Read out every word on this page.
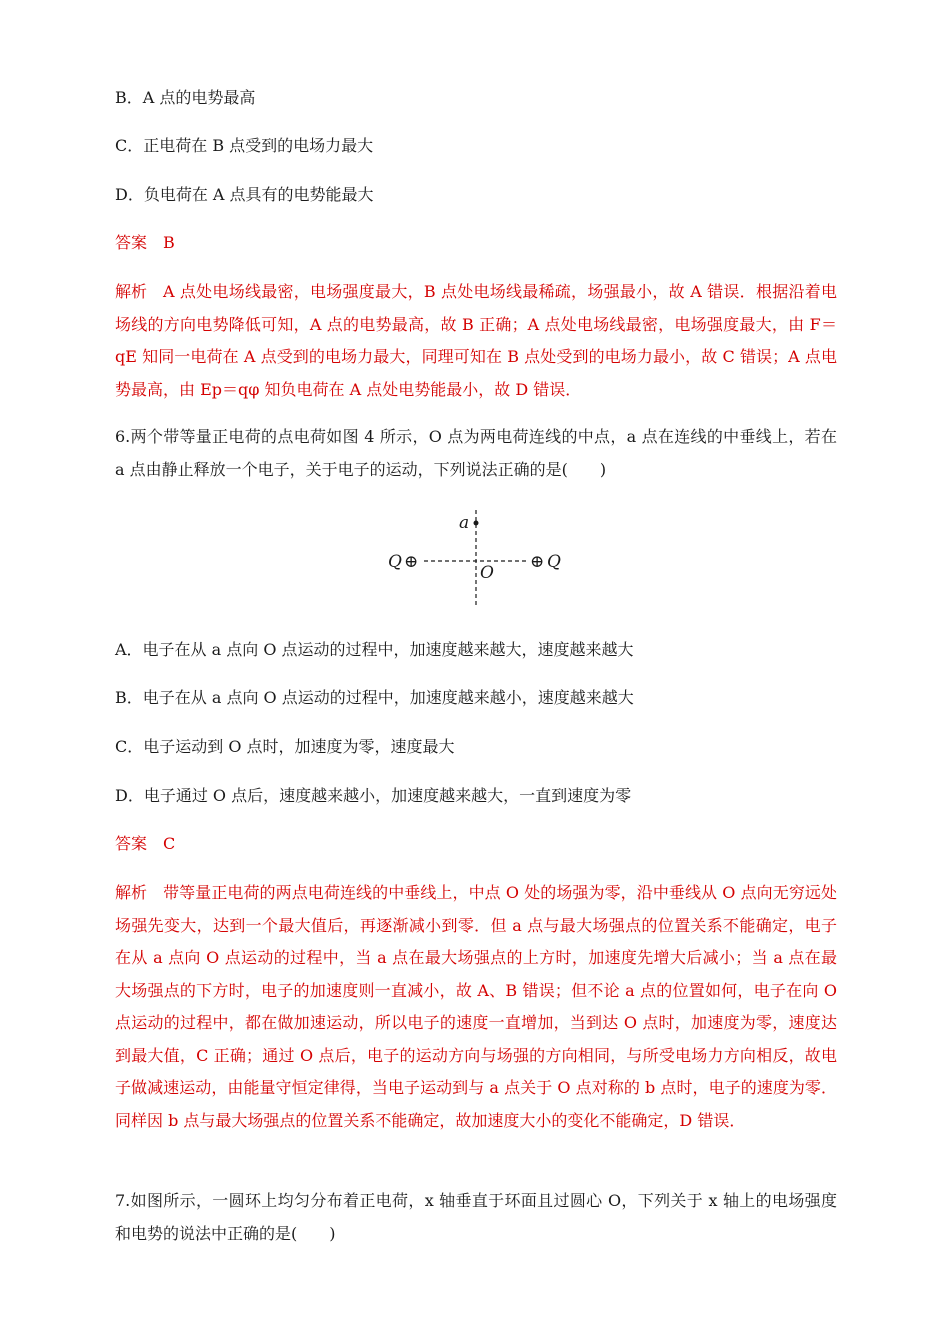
B．A 点的电势最高
C．正电荷在 B 点受到的电场力最大
D．负电荷在 A 点具有的电势能最大
答案 B
解析 A 点处电场线最密，电场强度最大，B 点处电场线最稀疏，场强最小，故 A 错误．根据沿着电场线的方向电势降低可知，A 点的电势最高，故 B 正确；A 点处电场线最密，电场强度最大，由 F＝qE 知同一电荷在 A 点受到的电场力最大，同理可知在 B 点处受到的电场力最小，故 C 错误；A 点电势最高，由 Ep＝qφ 知负电荷在 A 点处电势能最小，故 D 错误．
6.两个带等量正电荷的点电荷如图 4 所示，O 点为两电荷连线的中点，a 点在连线的中垂线上，若在 a 点由静止释放一个电子，关于电子的运动，下列说法正确的是(　　)
a
O
Q ⊕	⊕ Q
A．电子在从 a 点向 O 点运动的过程中，加速度越来越大，速度越来越大
B．电子在从 a 点向 O 点运动的过程中，加速度越来越小，速度越来越大
C．电子运动到 O 点时，加速度为零，速度最大
D．电子通过 O 点后，速度越来越小，加速度越来越大，一直到速度为零
答案 C
解析 带等量正电荷的两点电荷连线的中垂线上，中点 O 处的场强为零，沿中垂线从 O 点向无穷远处场强先变大，达到一个最大值后，再逐渐减小到零．但 a 点与最大场强点的位置关系不能确定，电子在从 a 点向 O 点运动的过程中，当 a 点在最大场强点的上方时，加速度先增大后减小；当 a 点在最大场强点的下方时，电子的加速度则一直减小，故 A、B 错误；但不论 a 点的位置如何，电子在向 O 点运动的过程中，都在做加速运动，所以电子的速度一直增加，当到达 O 点时，加速度为零，速度达到最大值，C 正确；通过 O 点后，电子的运动方向与场强的方向相同，与所受电场力方向相反，故电子做减速运动，由能量守恒定律得，当电子运动到与 a 点关于 O 点对称的 b 点时，电子的速度为零．同样因 b 点与最大场强点的位置关系不能确定，故加速度大小的变化不能确定，D 错误．
7.如图所示，一圆环上均匀分布着正电荷，x 轴垂直于环面且过圆心 O，下列关于 x 轴上的电场强度和电势的说法中正确的是(　　)
